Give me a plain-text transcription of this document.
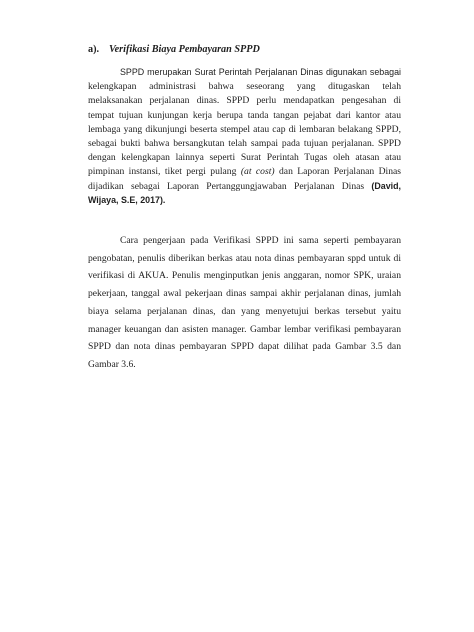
a). Verifikasi Biaya Pembayaran SPPD
SPPD merupakan Surat Perintah Perjalanan Dinas digunakan sebagai
kelengkapan administrasi bahwa seseorang yang ditugaskan telah
melaksanakan perjalanan dinas. SPPD perlu mendapatkan pengesahan di
tempat tujuan kunjungan kerja berupa tanda tangan pejabat dari kantor atau
lembaga yang dikunjungi beserta stempel atau cap di lembaran belakang SPPD,
sebagai bukti bahwa bersangkutan telah sampai pada tujuan perjalanan. SPPD
dengan kelengkapan lainnya seperti Surat Perintah Tugas oleh atasan atau
pimpinan instansi, tiket pergi pulang (at cost) dan Laporan Perjalanan Dinas
dijadikan sebagai Laporan Pertanggungjawaban Perjalanan Dinas (David,
Wijaya, S.E, 2017).
Cara pengerjaan pada Verifikasi SPPD ini sama seperti pembayaran
pengobatan, penulis diberikan berkas atau nota dinas pembayaran sppd untuk di
verifikasi di AKUA. Penulis menginputkan jenis anggaran, nomor SPK, uraian
pekerjaan, tanggal awal pekerjaan dinas sampai akhir perjalanan dinas, jumlah
biaya selama perjalanan dinas, dan yang menyetujui berkas tersebut yaitu
manager keuangan dan asisten manager. Gambar lembar verifikasi pembayaran
SPPD dan nota dinas pembayaran SPPD dapat dilihat pada Gambar 3.5 dan
Gambar 3.6.
